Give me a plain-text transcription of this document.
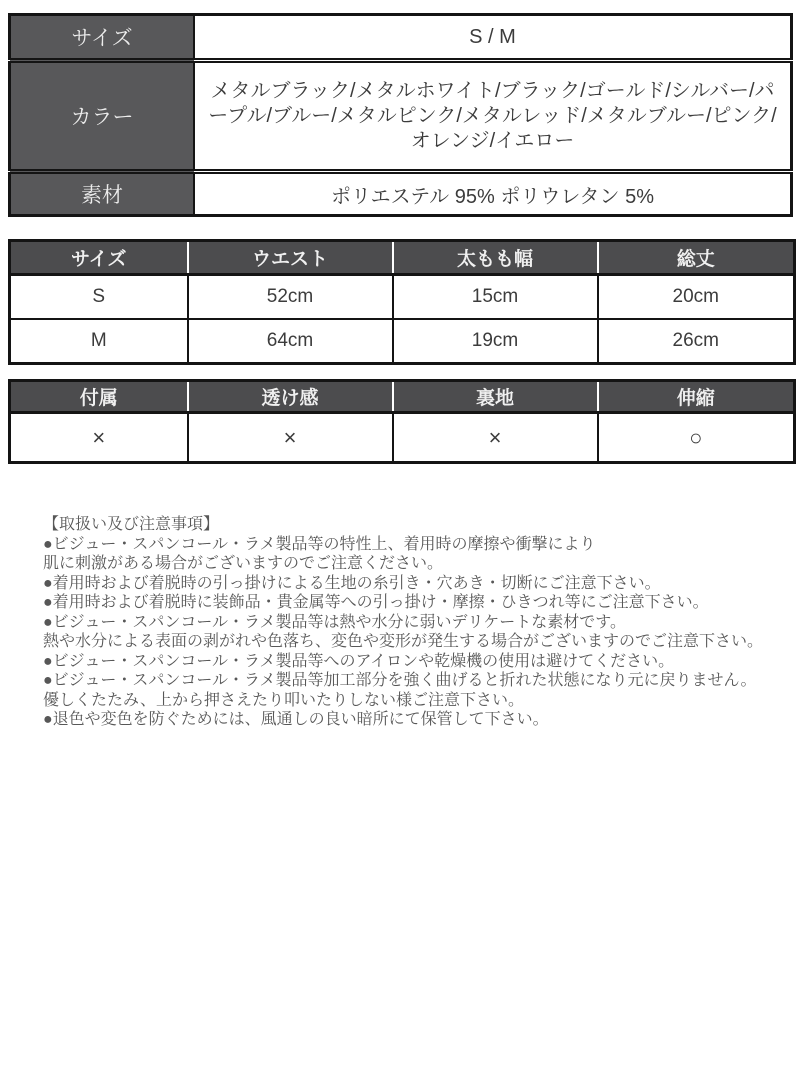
サイズ	S / M
カラー	メタルブラック/メタルホワイト/ブラック/ゴールド/シルバー/パープル/ブルー/メタルピンク/メタルレッド/メタルブルー/ピンク/オレンジ/イエロー
素材	ポリエステル 95% ポリウレタン 5%
サイズ	ウエスト	太もも幅	総丈
S	52cm	15cm	20cm
M	64cm	19cm	26cm
付属	透け感	裏地	伸縮
×	×	×	○
【取扱い及び注意事項】
●ビジュー・スパンコール・ラメ製品等の特性上、着用時の摩擦や衝撃により
肌に刺激がある場合がございますのでご注意ください。
●着用時および着脱時の引っ掛けによる生地の糸引き・穴あき・切断にご注意下さい。
●着用時および着脱時に装飾品・貴金属等への引っ掛け・摩擦・ひきつれ等にご注意下さい。
●ビジュー・スパンコール・ラメ製品等は熱や水分に弱いデリケートな素材です。
熱や水分による表面の剥がれや色落ち、変色や変形が発生する場合がございますのでご注意下さい。
●ビジュー・スパンコール・ラメ製品等へのアイロンや乾燥機の使用は避けてください。
●ビジュー・スパンコール・ラメ製品等加工部分を強く曲げると折れた状態になり元に戻りません。
優しくたたみ、上から押さえたり叩いたりしない様ご注意下さい。
●退色や変色を防ぐためには、風通しの良い暗所にて保管して下さい。
